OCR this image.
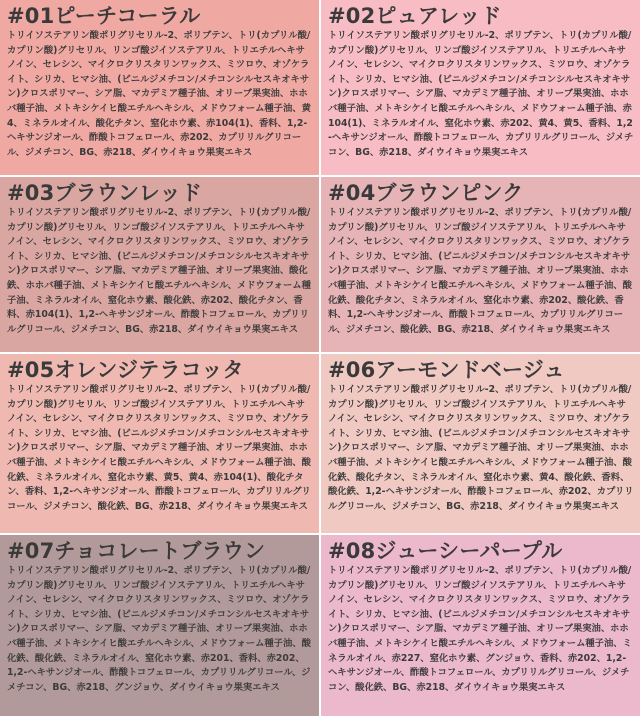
#01ピーチコーラル

トリイソステアリン酸ポリグリセリル-2、ポリブテン、トリ(カプリル酸/カプリン酸)グリセリル、リンゴ酸ジイソステアリル、トリエチルヘキサノイン、セレシン、マイクロクリスタリンワックス、ミツロウ、オゾケライト、シリカ、ヒマシ油、(ビニルジメチコン/メチコンシルセスキオキサン)クロスポリマー、シア脂、マカデミア種子油、オリーブ果実油、ホホバ種子油、メトキシケイヒ酸エチルヘキシル、メドウフォーム種子油、黄4、ミネラルオイル、酸化チタン、窒化ホウ素、赤104(1)、香料、1,2-ヘキサンジオール、酢酸トコフェロール、赤202、カプリリルグリコール、ジメチコン、BG、赤218、ダイウイキョウ果実エキス

#02ピュアレッド

トリイソステアリン酸ポリグリセリル-2、ポリブテン、トリ(カプリル酸/カプリン酸)グリセリル、リンゴ酸ジイソステアリル、トリエチルヘキサノイン、セレシン、マイクロクリスタリンワックス、ミツロウ、オゾケライト、シリカ、ヒマシ油、(ビニルジメチコン/メチコンシルセスキオキサン)クロスポリマー、シア脂、マカデミア種子油、オリーブ果実油、ホホバ種子油、メトキシケイヒ酸エチルヘキシル、メドウフォーム種子油、赤104(1)、ミネラルオイル、窒化ホウ素、赤202、黄4、黄5、香料、1,2-ヘキサンジオール、酢酸トコフェロール、カプリリルグリコール、ジメチコン、BG、赤218、ダイウイキョウ果実エキス

#03ブラウンレッド

トリイソステアリン酸ポリグリセリル-2、ポリブテン、トリ(カプリル酸/カプリン酸)グリセリル、リンゴ酸ジイソステアリル、トリエチルヘキサノイン、セレシン、マイクロクリスタリンワックス、ミツロウ、オゾケライト、シリカ、ヒマシ油、(ビニルジメチコン/メチコンシルセスキオキサン)クロスポリマー、シア脂、マカデミア種子油、オリーブ果実油、酸化鉄、ホホバ種子油、メトキシケイヒ酸エチルヘキシル、メドウフォーム種子油、ミネラルオイル、窒化ホウ素、酸化鉄、赤202、酸化チタン、香料、赤104(1)、1,2-ヘキサンジオール、酢酸トコフェロール、カプリリルグリコール、ジメチコン、BG、赤218、ダイウイキョウ果実エキス

#04ブラウンピンク

トリイソステアリン酸ポリグリセリル-2、ポリブテン、トリ(カプリル酸/カプリン酸)グリセリル、リンゴ酸ジイソステアリル、トリエチルヘキサノイン、セレシン、マイクロクリスタリンワックス、ミツロウ、オゾケライト、シリカ、ヒマシ油、(ビニルジメチコン/メチコンシルセスキオキサン)クロスポリマー、シア脂、マカデミア種子油、オリーブ果実油、ホホバ種子油、メトキシケイヒ酸エチルヘキシル、メドウフォーム種子油、酸化鉄、酸化チタン、ミネラルオイル、窒化ホウ素、赤202、酸化鉄、香料、1,2-ヘキサンジオール、酢酸トコフェロール、カプリリルグリコール、ジメチコン、酸化鉄、BG、赤218、ダイウイキョウ果実エキス

#05オレンジテラコッタ

トリイソステアリン酸ポリグリセリル-2、ポリブテン、トリ(カプリル酸/カプリン酸)グリセリル、リンゴ酸ジイソステアリル、トリエチルヘキサノイン、セレシン、マイクロクリスタリンワックス、ミツロウ、オゾケライト、シリカ、ヒマシ油、(ビニルジメチコン/メチコンシルセスキオキサン)クロスポリマー、シア脂、マカデミア種子油、オリーブ果実油、ホホバ種子油、メトキシケイヒ酸エチルヘキシル、メドウフォーム種子油、酸化鉄、ミネラルオイル、窒化ホウ素、黄5、黄4、赤104(1)、酸化チタン、香料、1,2-ヘキサンジオール、酢酸トコフェロール、カプリリルグリコール、ジメチコン、酸化鉄、BG、赤218、ダイウイキョウ果実エキス

#06アーモンドベージュ

トリイソステアリン酸ポリグリセリル-2、ポリブテン、トリ(カプリル酸/カプリン酸)グリセリル、リンゴ酸ジイソステアリル、トリエチルヘキサノイン、セレシン、マイクロクリスタリンワックス、ミツロウ、オゾケライト、シリカ、ヒマシ油、(ビニルジメチコン/メチコンシルセスキオキサン)クロスポリマー、シア脂、マカデミア種子油、オリーブ果実油、ホホバ種子油、メトキシケイヒ酸エチルヘキシル、メドウフォーム種子油、酸化鉄、酸化チタン、ミネラルオイル、窒化ホウ素、黄4、酸化鉄、香料、酸化鉄、1,2-ヘキサンジオール、酢酸トコフェロール、赤202、カプリリルグリコール、ジメチコン、BG、赤218、ダイウイキョウ果実エキス

#07チョコレートブラウン

トリイソステアリン酸ポリグリセリル-2、ポリブテン、トリ(カプリル酸/カプリン酸)グリセリル、リンゴ酸ジイソステアリル、トリエチルヘキサノイン、セレシン、マイクロクリスタリンワックス、ミツロウ、オゾケライト、シリカ、ヒマシ油、(ビニルジメチコン/メチコンシルセスキオキサン)クロスポリマー、シア脂、マカデミア種子油、オリーブ果実油、ホホバ種子油、メトキシケイヒ酸エチルヘキシル、メドウフォーム種子油、酸化鉄、酸化鉄、ミネラルオイル、窒化ホウ素、赤201、香料、赤202、1,2-ヘキサンジオール、酢酸トコフェロール、カプリリルグリコール、ジメチコン、BG、赤218、グンジョウ、ダイウイキョウ果実エキス

#08ジューシーパープル

トリイソステアリン酸ポリグリセリル-2、ポリブテン、トリ(カプリル酸/カプリン酸)グリセリル、リンゴ酸ジイソステアリル、トリエチルヘキサノイン、セレシン、マイクロクリスタリンワックス、ミツロウ、オゾケライト、シリカ、ヒマシ油、(ビニルジメチコン/メチコンシルセスキオキサン)クロスポリマー、シア脂、マカデミア種子油、オリーブ果実油、ホホバ種子油、メトキシケイヒ酸エチルヘキシル、メドウフォーム種子油、ミネラルオイル、赤227、窒化ホウ素、グンジョウ、香料、赤202、1,2-ヘキサンジオール、酢酸トコフェロール、カプリリルグリコール、ジメチコン、酸化鉄、BG、赤218、ダイウイキョウ果実エキス
